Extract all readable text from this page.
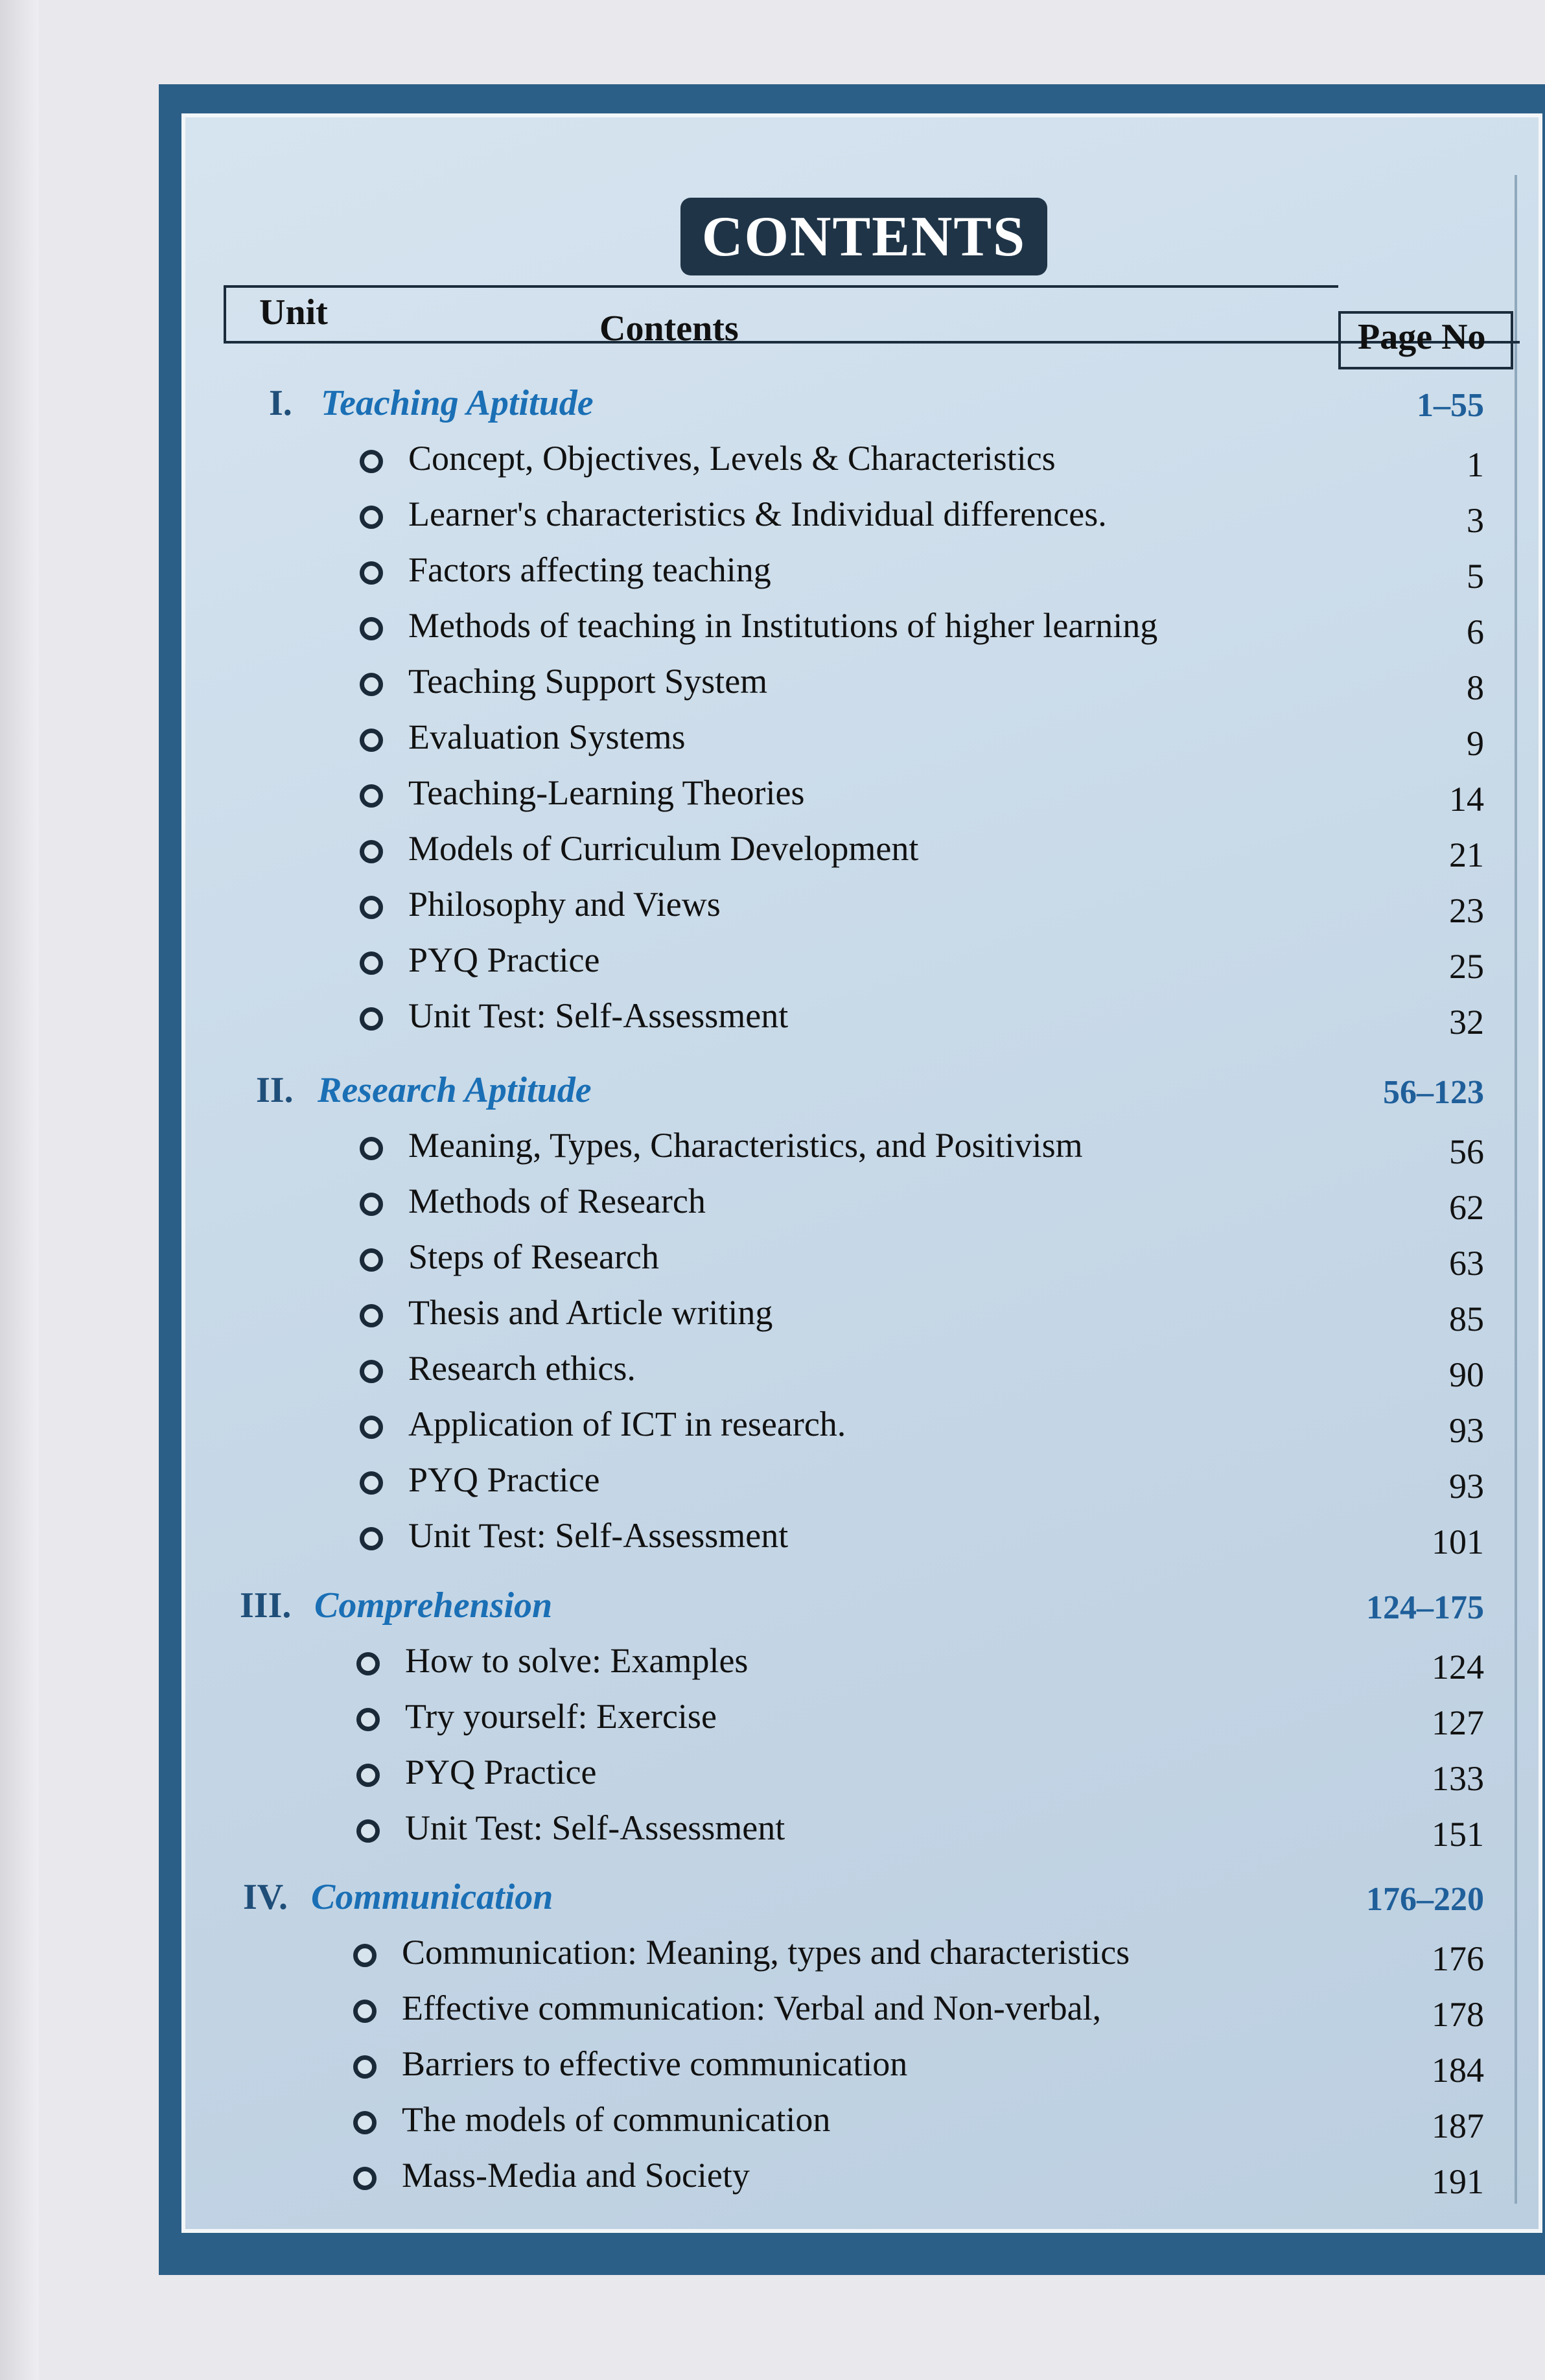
CONTENTS
Unit	Contents	Page No
I. Teaching Aptitude	1–55
Concept, Objectives, Levels & Characteristics	1
Learner's characteristics & Individual differences.	3
Factors affecting teaching	5
Methods of teaching in Institutions of higher learning	6
Teaching Support System	8
Evaluation Systems	9
Teaching-Learning Theories	14
Models of Curriculum Development	21
Philosophy and Views	23
PYQ Practice	25
Unit Test: Self-Assessment	32
II. Research Aptitude	56–123
Meaning, Types, Characteristics, and Positivism	56
Methods of Research	62
Steps of Research	63
Thesis and Article writing	85
Research ethics.	90
Application of ICT in research.	93
PYQ Practice	93
Unit Test: Self-Assessment	101
III. Comprehension	124–175
How to solve: Examples	124
Try yourself: Exercise	127
PYQ Practice	133
Unit Test: Self-Assessment	151
IV. Communication	176–220
Communication: Meaning, types and characteristics	176
Effective communication: Verbal and Non-verbal,	178
Barriers to effective communication	184
The models of communication	187
Mass-Media and Society	191
